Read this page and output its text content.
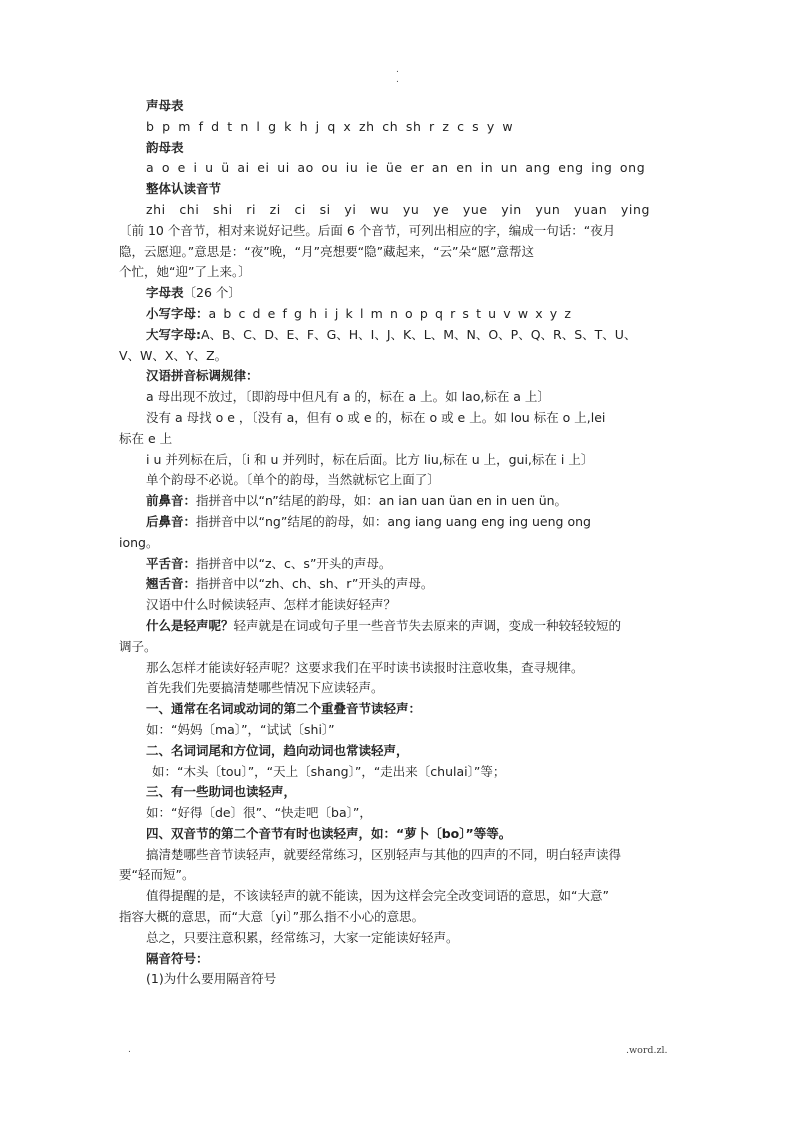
.
.
声母表
b p m f d t n l g k h j q x zh ch sh r z c s y w
韵母表
a o e i u ü ai ei ui ao ou iu ie üe er an en in un ang eng ing ong
整体认读音节
zhi chi shi ri zi ci si yi wu yu ye yue yin yun yuan ying
〔前 10 个音节，相对来说好记些。后面 6 个音节，可列出相应的字，编成一句话：“夜月
隐，云愿迎。”意思是：“夜”晚，“月”亮想要“隐”藏起来，“云”朵“愿”意帮这
个忙，她“迎”了上来。〕
字母表〔26 个〕
小写字母：a b c d e f g h i j k l m n o p q r s t u v w x y z
大写字母:A、B、C、D、E、F、G、H、I、J、K、L、M、N、O、P、Q、R、S、T、U、
V、W、X、Y、Z。
汉语拼音标调规律：
a 母出现不放过，〔即韵母中但凡有 a 的，标在 a 上。如 lao,标在 a 上〕
没有 a 母找 o e ，〔没有 a，但有 o 或 e 的，标在 o 或 e 上。如 lou 标在 o 上,lei
标在 e 上
i u 并列标在后，〔i 和 u 并列时，标在后面。比方 liu,标在 u 上，gui,标在 i 上〕
单个韵母不必说。〔单个的韵母，当然就标它上面了〕
前鼻音：指拼音中以“n”结尾的韵母，如：an ian uan üan en in uen ün。
后鼻音：指拼音中以“ng”结尾的韵母，如：ang iang uang eng ing ueng ong
iong。
平舌音：指拼音中以“z、c、s”开头的声母。
翘舌音：指拼音中以“zh、ch、sh、r”开头的声母。
汉语中什么时候读轻声、怎样才能读好轻声？
什么是轻声呢？轻声就是在词或句子里一些音节失去原来的声调，变成一种较轻较短的
调子。
那么怎样才能读好轻声呢？这要求我们在平时读书读报时注意收集，查寻规律。
首先我们先要搞清楚哪些情况下应读轻声。
一、通常在名词或动词的第二个重叠音节读轻声：
如：“妈妈〔ma〕”，“试试〔shi〕”
二、名词词尾和方位词，趋向动词也常读轻声，
如：“木头〔tou〕”，“天上〔shang〕”，“走出来〔chulai〕”等；
三、有一些助词也读轻声，
如：“好得〔de〕很”、“快走吧〔ba〕”，
四、双音节的第二个音节有时也读轻声，如：“萝卜〔bo〕”等等。
搞清楚哪些音节读轻声，就要经常练习，区别轻声与其他的四声的不同，明白轻声读得
要“轻而短”。
值得提醒的是，不该读轻声的就不能读，因为这样会完全改变词语的意思，如“大意”
指容大概的意思，而“大意〔yi〕”那么指不小心的意思。
总之，只要注意积累，经常练习，大家一定能读好轻声。
隔音符号：
(1)为什么要用隔音符号
.	.word.zl.
